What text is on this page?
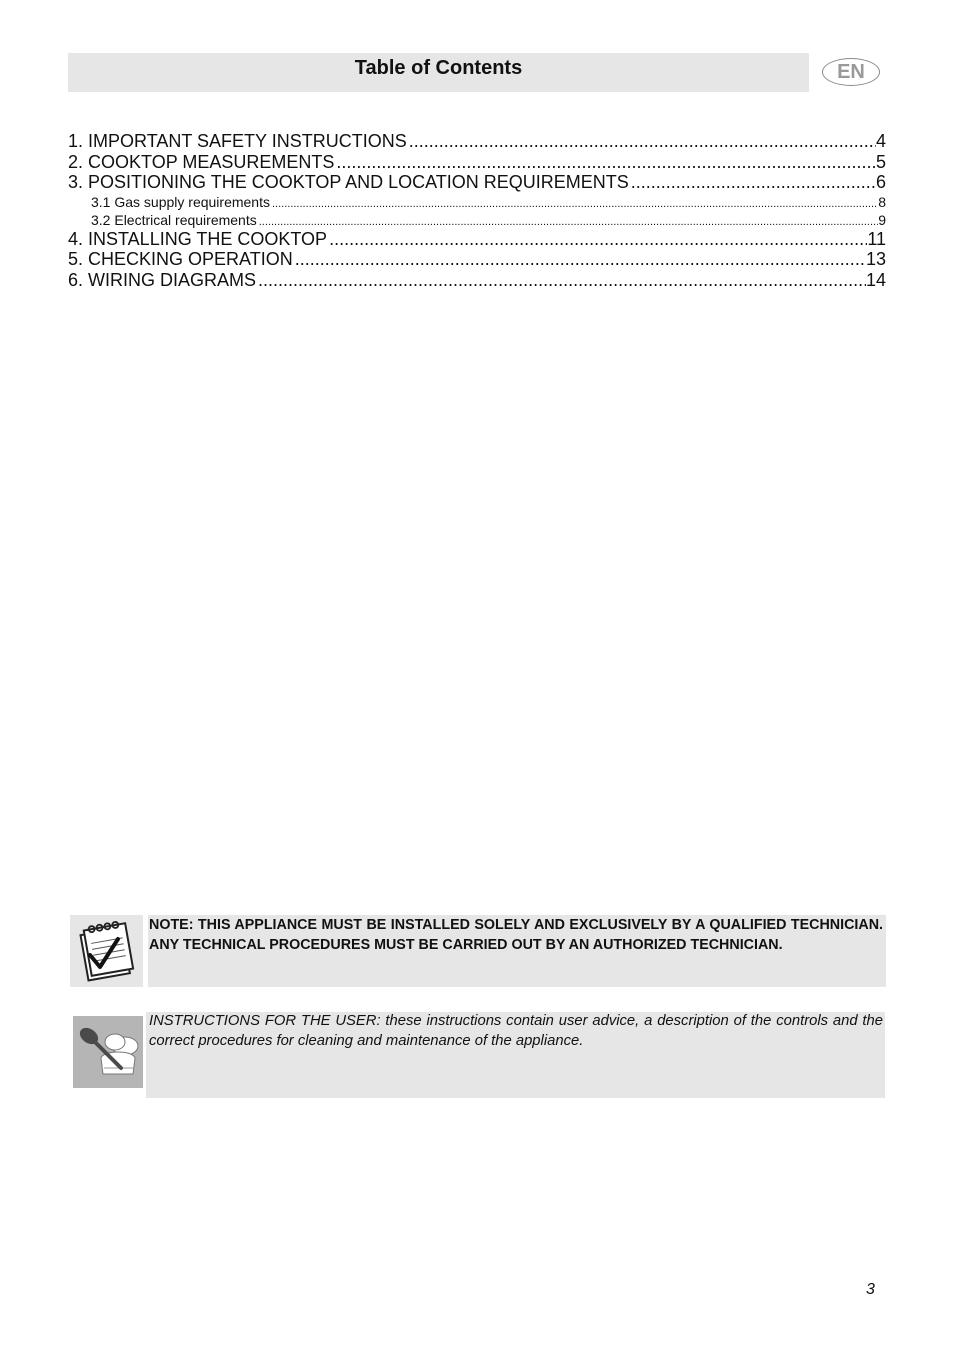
Table of Contents	EN
1. IMPORTANT SAFETY INSTRUCTIONS .....	4
2. COOKTOP MEASUREMENTS .....	5
3. POSITIONING THE COOKTOP AND LOCATION REQUIREMENTS .....	6
3.1 Gas supply requirements .....	8
3.2 Electrical requirements .....	9
4. INSTALLING THE COOKTOP .....	11
5. CHECKING OPERATION .....	13
6. WIRING DIAGRAMS .....	14
NOTE: THIS APPLIANCE MUST BE INSTALLED SOLELY AND EXCLUSIVELY BY A QUALIFIED TECHNICIAN. ANY TECHNICAL PROCEDURES MUST BE CARRIED OUT BY AN AUTHORIZED TECHNICIAN.
INSTRUCTIONS FOR THE USER: these instructions contain user advice, a description of the controls and the correct procedures for cleaning and maintenance of the appliance.
3
